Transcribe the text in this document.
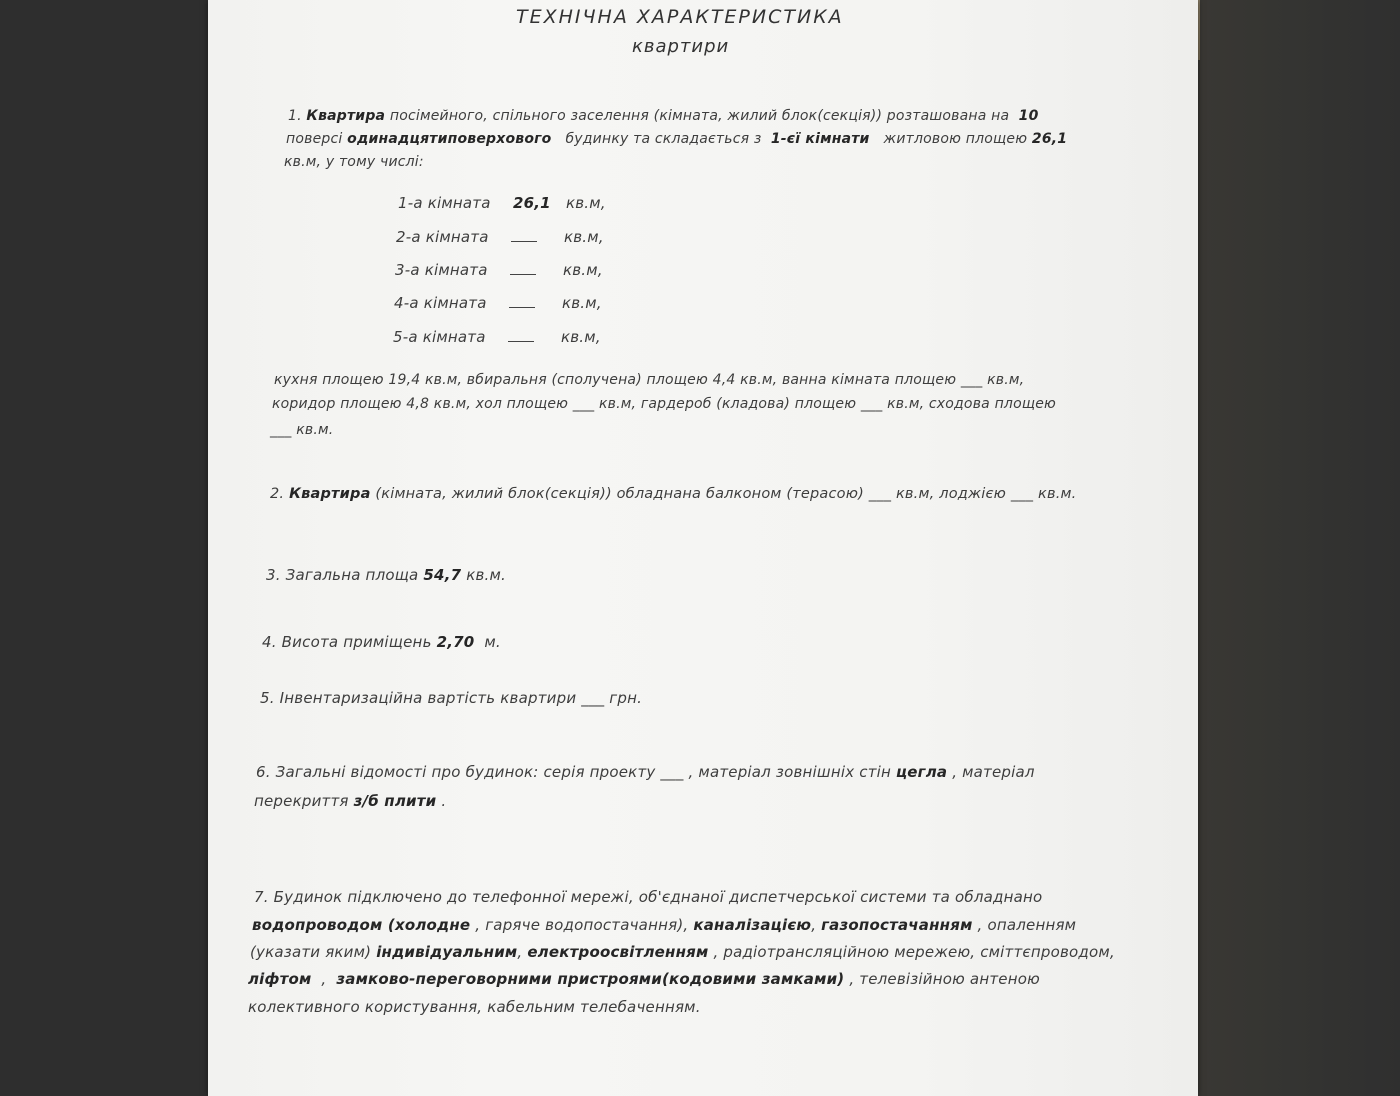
ТЕХНІЧНА ХАРАКТЕРИСТИКА
квартири
1. Квартира посімейного, спільного заселення (кімната, жилий блок(секція)) розташована на 10
поверсі одинадцятиповерхового будинку та складається з 1-єї кімнати житловою площею 26,1
кв.м, у тому числі:
1-а кімната 26,1 кв.м,
2-а кімната	кв.м,
3-а кімната	кв.м,
4-а кімната	кв.м,
5-а кімната	кв.м,
кухня площею 19,4 кв.м, вбиральня (сполучена) площею 4,4 кв.м, ванна кімната площею ___ кв.м,
коридор площею 4,8 кв.м, хол площею ___ кв.м, гардероб (кладова) площею ___ кв.м, сходова площею
___ кв.м.
2. Квартира (кімната, жилий блок(секція)) обладнана балконом (терасою) ___ кв.м, лоджією ___ кв.м.
3. Загальна площа 54,7 кв.м.
4. Висота приміщень 2,70 м.
5. Інвентаризаційна вартість квартири ___ грн.
6. Загальні відомості про будинок: серія проекту ___ , матеріал зовнішніх стін цегла , матеріал
перекриття з/б плити .
7. Будинок підключено до телефонної мережі, об'єднаної диспетчерської системи та обладнано
водопроводом (холодне , гаряче водопостачання), каналізацією, газопостачанням , опаленням
(указати яким) індивідуальним, електроосвітленням , радіотрансляційною мережею, сміттєпроводом,
ліфтом , замково-переговорними пристроями(кодовими замками) , телевізійною антеною
колективного користування, кабельним телебаченням.
